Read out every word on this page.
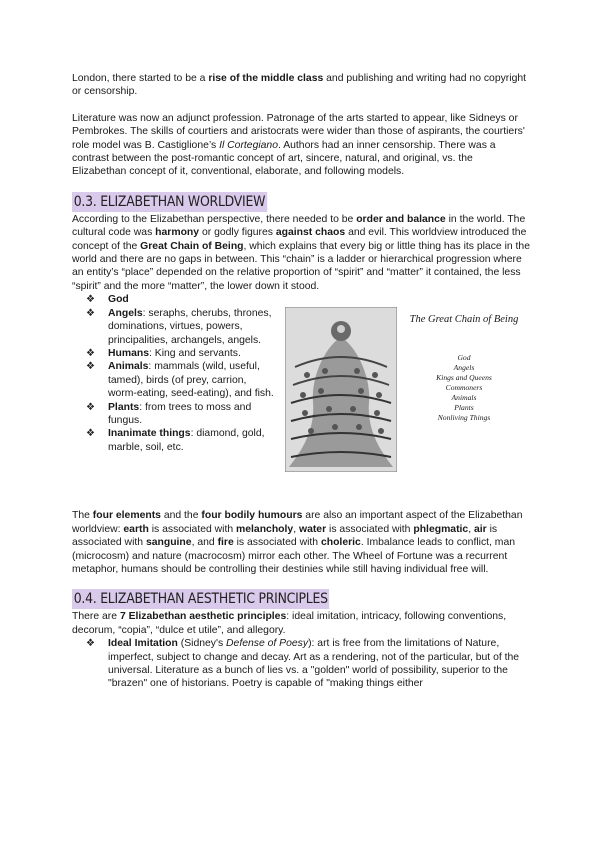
London, there started to be a rise of the middle class and publishing and writing had no copyright or censorship.

Literature was now an adjunct profession. Patronage of the arts started to appear, like Sidneys or Pembrokes. The skills of courtiers and aristocrats were wider than those of aspirants, the courtiers' role model was B. Castiglione’s Il Cortegiano. Authors had an inner censorship. There was a contrast between the post-romantic concept of art, sincere, natural, and original, vs. the Elizabethan concept of it, conventional, elaborate, and following models.

0.3. ELIZABETHAN WORLDVIEW

According to the Elizabethan perspective, there needed to be order and balance in the world. The cultural code was harmony or godly figures against chaos and evil. This worldview introduced the concept of the Great Chain of Being, which explains that every big or little thing has its place in the world and there are no gaps in between. This “chain” is a ladder or hierarchical progression where an entity’s “place” depended on the relative proportion of “spirit” and “matter” it contained, the less “spirit” and the more “matter”, the lower down it stood.

❖ God
❖ Angels: seraphs, cherubs, thrones, dominations, virtues, powers, principalities, archangels, angels.
❖ Humans: King and servants.
❖ Animals: mammals (wild, useful, tamed), birds (of prey, carrion, worm-eating, seed-eating), and fish.
❖ Plants: from trees to moss and fungus.
❖ Inanimate things: diamond, gold, marble, soil, etc.
The Great Chain of Being
God
Angels
Kings and Queens
Commoners
Animals
Plants
Nonliving Things

The four elements and the four bodily humours are also an important aspect of the Elizabethan worldview: earth is associated with melancholy, water is associated with phlegmatic, air is associated with sanguine, and fire is associated with choleric. Imbalance leads to conflict, man (microcosm) and nature (macrocosm) mirror each other. The Wheel of Fortune was a recurrent metaphor, humans should be controlling their destinies while still having individual free will.

0.4. ELIZABETHAN AESTHETIC PRINCIPLES

There are 7 Elizabethan aesthetic principles: ideal imitation, intricacy, following conventions, decorum, “copia”, “dulce et utile”, and allegory.

❖ Ideal Imitation (Sidney's Defense of Poesy): art is free from the limitations of Nature, imperfect, subject to change and decay. Art as a rendering, not of the particular, but of the universal. Literature as a bunch of lies vs. a "golden" world of possibility, superior to the "brazen" one of historians. Poetry is capable of "making things either
